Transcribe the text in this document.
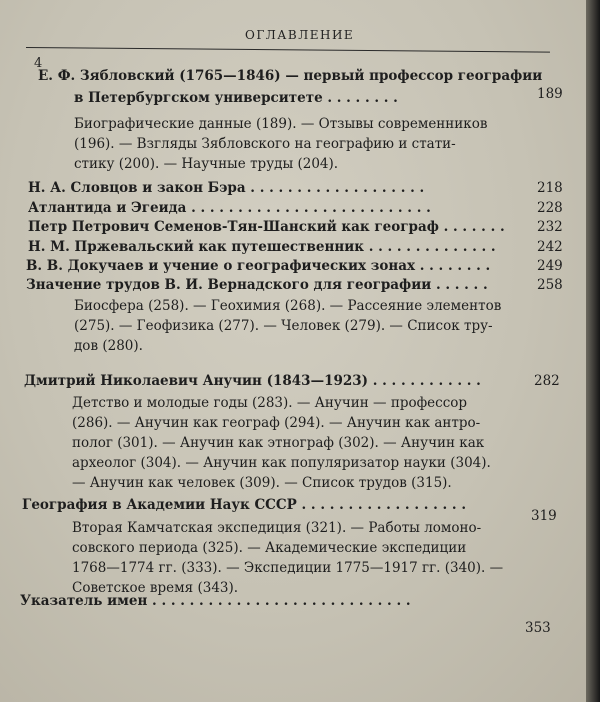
ОГЛАВЛЕНИЕ
4
Е. Ф. Зябловский (1765—1846) — первый профессор географии
в Петербургском университете . . . . . . . .	189
Биографические данные (189). — Отзывы современников
(196). — Взгляды Зябловского на географию и стати-
стику (200). — Научные труды (204).
Н. А. Словцов и закон Бэра . . . . . . . . . . . . . . . . . . .	218
Атлантида и Эгеида . . . . . . . . . . . . . . . . . . . . . . . . . .	228
Петр Петрович Семенов-Тян-Шанский как географ . . . . . . . 232
Н. М. Пржевальский как путешественник . . . . . . . . . . . . . .	242
В. В. Докучаев и учение о географических зонах . . . . . . . .	249
Значение трудов В. И. Вернадского для географии . . . . . .	258
Биосфера (258). — Геохимия (268). — Рассеяние элементов
(275). — Геофизика (277). — Человек (279). — Список тру-
дов (280).
Дмитрий Николаевич Анучин (1843—1923) . . . . . . . . . . . .	282
Детство и молодые годы (283). — Анучин — профессор
(286). — Анучин как географ (294). — Анучин как антро-
полог (301). — Анучин как этнограф (302). — Анучин как
археолог (304). — Анучин как популяризатор науки (304).
— Анучин как человек (309). — Список трудов (315).
География в Академии Наук СССР . . . . . . . . . . . . . . . . . .
319
Вторая Камчатская экспедиция (321). — Работы ломоно-
совского периода (325). — Академические экспедиции
1768—1774 гг. (333). — Экспедиции 1775—1917 гг. (340). —
Советское время (343).
Указатель имен . . . . . . . . . . . . . . . . . . . . . . . . . . . .
353
